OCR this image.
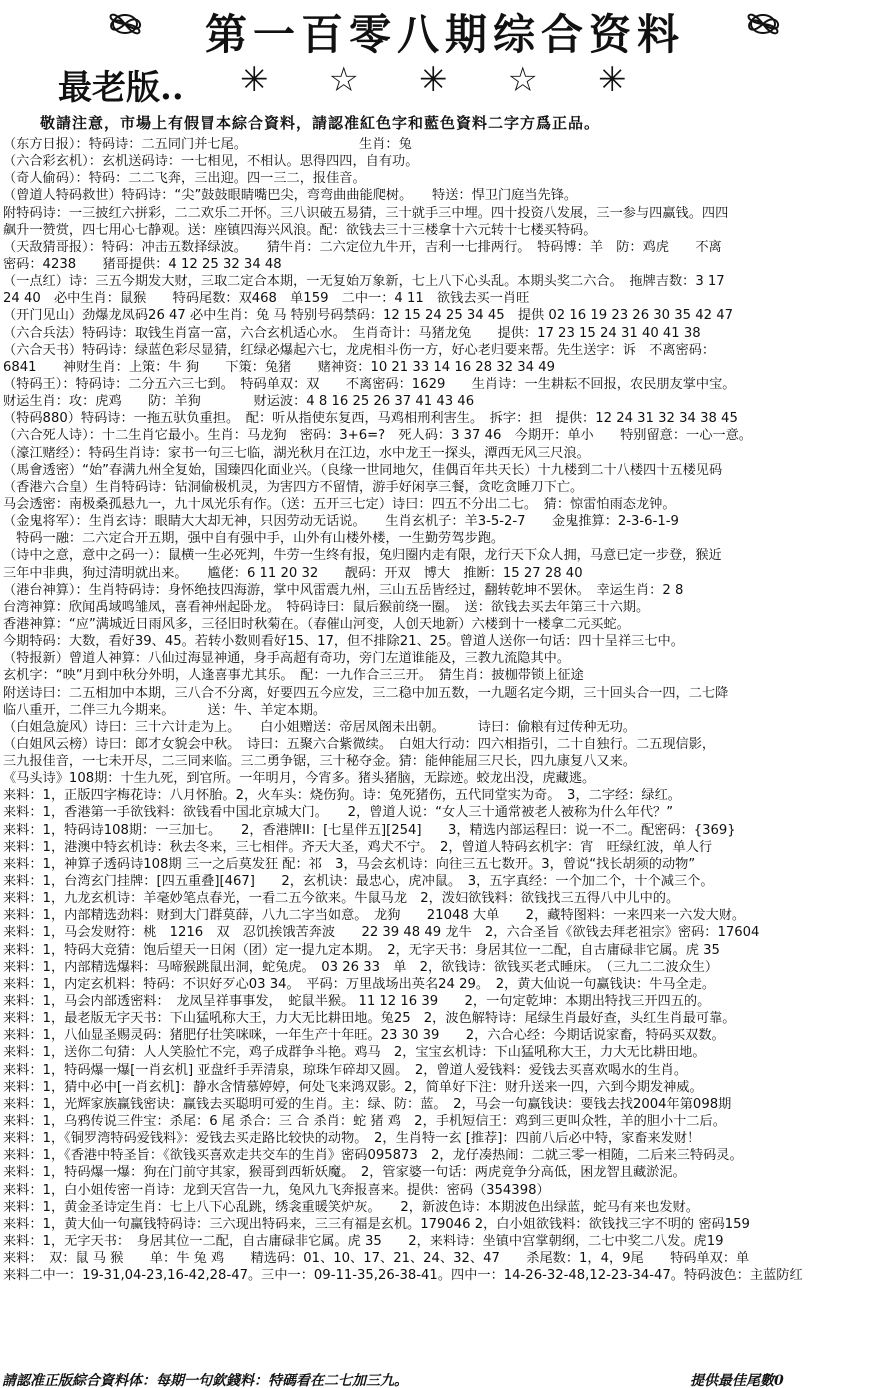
第一百零八期综合资料
最老版.. ✳ ☆ ✳ ☆ ✳
敬請注意，市場上有假冒本綜合資料，請認准紅色字和藍色資料二字方爲正品。
（东方日报）：特码诗：二五同门并七尾。　　　　　　　　　生肖：兔
（六合彩玄机）：玄机送码诗：一七相见，不相认。思得四四，自有功。
（奇人偷码）：特码：二二飞奔，三出迎。四一三二，报佳音。
（曾道人特码救世）特码诗：“尖”鼓鼓眼睛嘴巴尖，弯弯曲曲能爬树。　　特送：悍卫门庭当先锋。
附特码诗：一三披红六拼彩，二二欢乐二开怀。三八识破五易猜，三十就手三中埋。四十投资八发展，三一参与四赢钱。四四
飙升一赞赏，四七用心七静观。送：座镇四海兴风浪。配：欲钱去三十三楼拿十六元转十七楼买特码。
（天敌猜哥报）：特码：冲击五数择绿波。　　猜牛肖：二六定位九牛开，吉利一七排两行。　特码博：羊　防：鸡虎　　不离
密码：4238　　猪哥提供：4 12 25 32 34 48
（一点红）诗：三五今期发大财，三取二定合本期，一无复始万象新，七上八下心头乱。本期头奖二六合。　拖牌吉数：3 17
24 40　必中生肖：鼠猴　　特码尾数：双468　单159　二中一：4 11　欲钱去买一肖旺
（开门见山）劲爆龙凤码26 47 必中生肖：兔 马 特别号码禁码：12 15 24 25 34 45　提供 02 16 19 23 26 30 35 42 47
（六合兵法）特码诗：取钱生肖富一富，六合玄机适心水。　生肖奇计：马猪龙兔　　提供：17 23 15 24 31 40 41 38
（六合天书）特码诗：绿蓝色彩尽显猜，红绿必爆起六七，龙虎相斗伤一方，好心老归要来帮。先生送字：诉　不离密码：
6841　　神财生肖：上策：牛 狗　　下策：兔猪　　赌神资：10 21 33 14 16 28 32 34 49
（特码王）：特码诗：二分五六三七到。　特码单双：双　　不离密码：1629　　生肖诗：一生耕耘不回报，农民朋友掌中宝。
财运生肖：攻：虎鸡　　防：羊狗　　　　财运波：4 8 16 25 26 37 41 43 46
（特码880）特码诗：一拖五驮负重担。　配：听从指使东复西，马鸡相刑利害生。　拆字：担　提供：12 24 31 32 34 38 45
（六合死人诗）：十二生肖它最小。生肖：马龙狗　密码：3+6=?　死人码：3 37 46　今期开：单小　　特别留意：一心一意。
（濠江赌经）：特码生肖诗：家书一句三七临，湖光秋月在江边，水中龙王一探头，潭西无风三尺浪。
（馬會透密）“始”春满九州全复始，国臻四化面业兴。（良缘一世同地欠，佳偶百年共天长）十九楼到二十八楼四十五楼见码
（香港六合皇）生肖特码诗：钻洞偷极机灵，为害四方不留情，游手好闲享三餐，贪吃贪睡刀下亡。
马会透密：南极桑孤悬九一，九十凤光乐有作。（送：五开三七定）诗曰：四五不分出二七。　猜：惊雷怕雨态龙钟。
（金鬼将军）：生肖玄诗：眼睛大大却无神，只因劳动无话说。　　生肖玄机子：羊3-5-2-7　　金鬼推算：2-3-6-1-9
　特码一融：二六定合开五期，强中自有强中手，山外有山楼外楼，一生勤劳驾步跑。
（诗中之意，意中之码一）：鼠横一生必死判，牛劳一生终有报，兔归圈内走有限，龙行天下众人拥，马意已定一步登，猴近
三年中非典，狗过清明就出来。　　尴佬：6 11 20 32　　靓码：开双　博大　推断：15 27 28 40
（港台神算）：生肖特码诗：身怀绝技四海游，掌中风雷震九州，三山五岳皆经过，翻转乾坤不罢休。　幸运生肖：2 8
台湾神算：欣闻禹域鸣雏凤，喜看神州起卧龙。　特码诗曰：鼠后猴前绕一圈。　送：欲钱去买去年第三十六期。
香港神算：“应”满城近日雨风多，三径旧时秋菊在。（春催山河变，人创天地新）六楼到十一楼拿二元买蛇。
今期特码：大数，看好39、45。若转小数则看好15、17，但不排除21、25。曾道人送你一句话：四十呈祥三七中。
（特报新）曾道人神算：八仙过海显神通，身手高超有奇功，旁门左道谁能及，三教九流隐其中。
玄机字：“映”月到中秋分外明，人逢喜事尤其乐。　配：一九作合三三开。　猜生肖：披枷带锁上征途
附送诗曰：二五相加中本期，三八合不分离，好要四五今应发，三二稳中加五数，一九题名定今期，三十回头合一四，二七降
临八重开，二伴三九今期来。　　　送：牛、羊定本期。
（白姐急旋风）诗曰：三十六计走为上。　　白小姐赠送：帝居凤阁未出朝。　　　诗曰：偷粮有过传种无功。
（白姐风云榜）诗曰：郎才女貌会中秋。　诗曰：五聚六合紫微续。　白姐大行动：四六相指引，二十自独行。二五现信影，
三九报佳音，一七未开尽，二三同来临。三二勇争锯，三十秘夺金。猜：能伸能屈三尺长，四九康复八又来。
《马头诗》108期：十生九死，到官所。一年明月，今宵多。猪头猪脑，无踪迹。蛟龙出没，虎藏逃。
来料：1，正版四字梅花诗：八月怀胎。2，火车头：烧伤狗。诗：兔死猪伤，五代同堂实为奇。　3，二字经：绿红。
来料：1，香港第一手欲钱料：欲钱看中国北京城大门。　　2，曾道人说：“女人三十通常被老人被称为什么年代？”
来料：1，特码诗108期：一三加七。　　2，香港牌II：[七星伴五][254]　　3，精选内部运程曰：说一不二。配密码：{369}
来料：1，港澳中特玄机诗：秋去冬来，三七相伴。齐天大圣，鸡犬不宁。　2，曾道人特码玄机字：宵　旺绿红波，单人行
来料：1，神算子透码诗108期 三一之后莫发狂 配：祁　3，马会玄机诗：向往三五七数开。3，曾说“找长胡须的动物”
来料：1，台湾玄门挂牌：[四五重叠][467]　　2，玄机诀：最忠心，虎冲鼠。　3，五字真经：一个加二个，十个减三个。
来料：1，九龙玄机诗：羊毫妙笔点春光，一看二五今欲来。牛鼠马龙　2，泼妇欲钱料：欲钱找三五得八中儿中的。
来料：1，内部精选劲料：财到大门群莫薛，八九二字当如意。　龙狗　　21048 大单　　2，藏特图料：一来四来一六发大财。
来料：1，马会发财符：桃　1216　双　忍饥挨饿苦奔波　　22 39 48 49 龙牛　2，六合圣旨《欲钱去拜老祖宗》密码：17604
来料：1，特码大竞猜：饱后望天一日闲（团）定一提九定本期。　2，无字天书：身居其位一二配，自古庸碌非它属。虎 35
来料：1，内部精选爆料：马啼猴跳鼠出洞，蛇兔虎。　03 26 33　单　2，欲钱诗：欲钱买老式睡床。　（三九二二波众生）
来料：1，内定玄机料：特码：不识好歹心03 34。　平码：万里战场出英名24 29。　2，黄大仙说一句赢钱诀：牛马全走。
来料：1，马会内部透密料：　龙凤呈祥事事发，　蛇鼠半猴。 11 12 16 39　　2，一句定乾坤：本期出特找三开四五的。
来料：1，最老版无字天书：下山猛吼称大王，力大无比耕田地。兔25　2，波色解特诗：尾绿生肖最好查，头红生肖最可靠。
来料：1，八仙显圣赐灵码：猪肥仔壮笑咪咪，一年生产十年旺。23 30 39　　2，六合心经：今期话说家畜，特码买双数。
来料：1，送你二句猜：人人笑脸忙不完，鸡子成群争斗艳。鸡马　2，宝宝玄机诗：下山猛吼称大王，力大无比耕田地。
来料：1，特码爆一爆[一肖玄机] 亚盘纤手弄清泉，琼珠乍碎却又圆。　2，曾道人爱钱料：爱钱去买喜欢喝水的生肖。
来料：1，猜中必中[一肖玄机]：静水含情慕婷婷，何处飞来鸿双影。2，简单好下注：财升送来一四，六到今期发神威。
来料：1，光辉家族赢钱密诀：赢钱去买聪明可爱的生肖。主：绿、防：蓝。　2，马会一句赢钱诀：要钱去找2004年第098期
来料：1，乌鸦传说三件宝：杀尾：6 尾 杀合：三 合 杀肖：蛇 猪 鸡　2，手机短信王：鸡到三更叫众牲，羊的胆小十二后。
来料：1，《铜罗湾特码爱钱料》：爱钱去买走路比较快的动物。　2，生肖特一玄 [推荐]：四前八后必中特，家畜来发财！
来料：1，《香港中特圣旨：《欲钱买喜欢走共交车的生肖》密码095873　2，龙仔凑热闹：二就三零一相随，二后来三特码灵。
来料：1，特码爆一爆：狗在门前守其家，猴哥到西斩妖魔。　2，管家婆一句话：两虎竟争分高低，困龙智且藏淤泥。
来料：1，白小姐传密一肖诗：龙到天宫告一九，兔风九飞奔报喜来。提供：密码（354398）
来料：1，黄金圣诗定生肖：七上八下心乱跳，绣衾重暖笑炉灰。　　2，新波色诗：本期波色出绿蓝，蛇马有来也发财。
来料：1，黄大仙一句赢钱特码诗：三六现出特码来，三三有福是玄机。179046 2，白小姐欲钱料：欲钱找三字不明的 密码159
来料：1，无字天书：　身居其位一二配，自古庸碌非它属。虎 35　　2，来料诗：坐镇中宫掌朝纲，二七中奖二八发。虎19
来料：　双：鼠 马 猴　　单：牛 兔 鸡　　精选码：01、10、17、21、24、32、47　　杀尾数：1，4，9尾　　特码单双：单
来料二中一：19-31,04-23,16-42,28-47。三中一：09-11-35,26-38-41。四中一：14-26-32-48,12-23-34-47。特码波色：主蓝防红
請認准正版綜合資料体：每期一句欽錢料：特碼看在二七加三九。	提供最佳尾數0
